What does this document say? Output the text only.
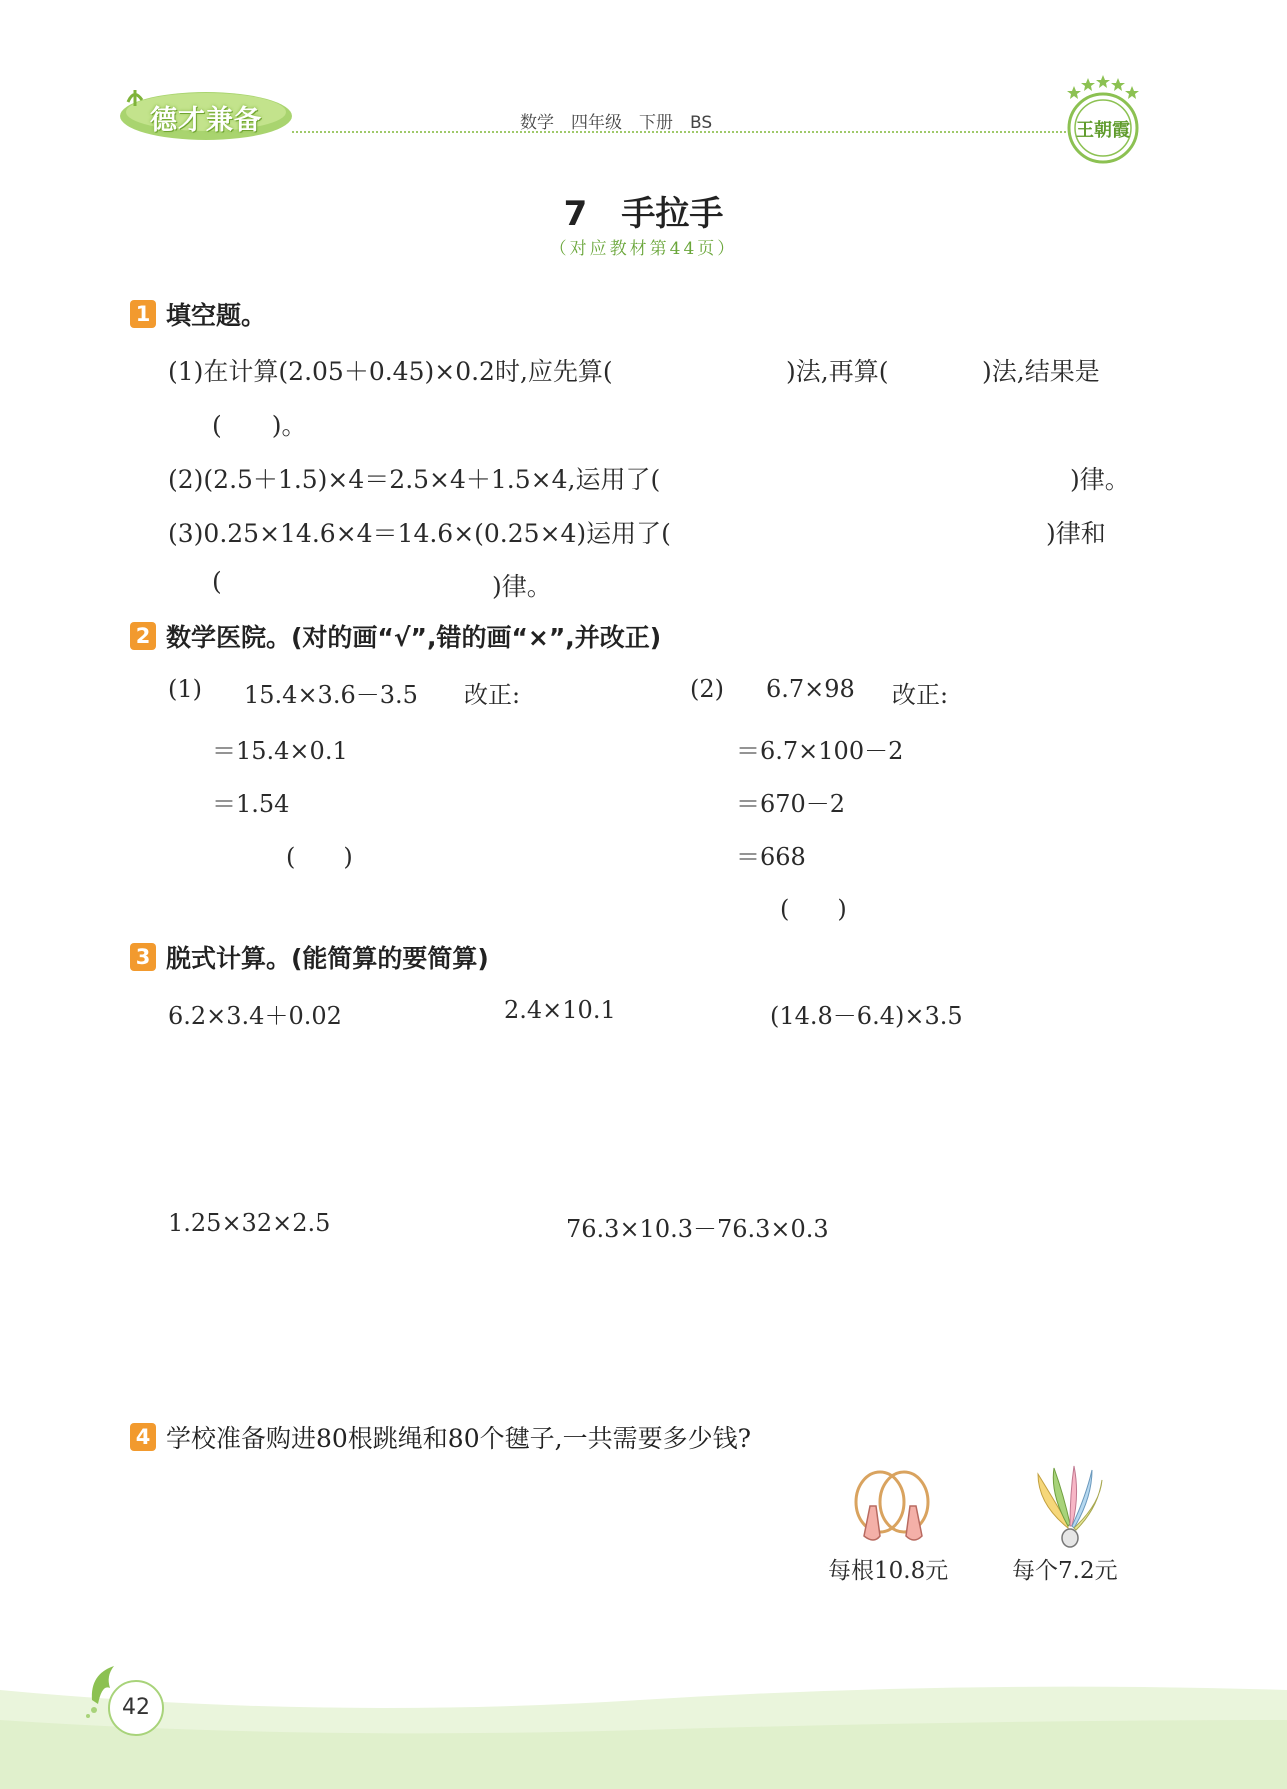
德才兼备	数学　四年级　下册　BS	王朝霞
7　手拉手
（对应教材第44页）
1 填空题。
(1)在计算(2.05＋0.45)×0.2时,应先算(	)法,再算(	)法,结果是
(　　)。
(2)(2.5＋1.5)×4＝2.5×4＋1.5×4,运用了(	)律。
(3)0.25×14.6×4＝14.6×(0.25×4)运用了(	)律和
(	)律。
2 数学医院。(对的画“√”,错的画“×”,并改正)
(1) 15.4×3.6－3.5 改正:
＝15.4×0.1
＝1.54
(　　)
(2) 6.7×98 改正:
＝6.7×100－2
＝670－2
＝668
(　　)
3 脱式计算。(能简算的要简算)
6.2×3.4＋0.02	2.4×10.1	(14.8－6.4)×3.5
1.25×32×2.5	76.3×10.3－76.3×0.3
4 学校准备购进80根跳绳和80个毽子,一共需要多少钱?
每根10.8元	每个7.2元
42
